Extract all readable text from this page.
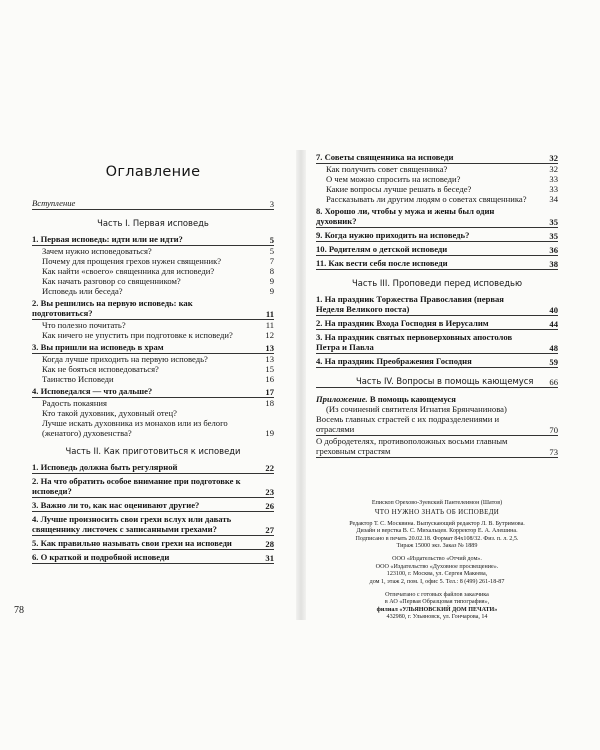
Оглавление
Вступление	3
Часть I. Первая исповедь
1. Первая исповедь: идти или не идти?	5
Зачем нужно исповедоваться?	5
Почему для прощения грехов нужен священник?	7
Как найти «своего» священника для исповеди?	8
Как начать разговор со священником?	9
Исповедь или беседа?	9
2. Вы решились на первую исповедь: как подготовиться?	11
Что полезно почитать?	11
Как ничего не упустить при подготовке к исповеди?	12
3. Вы пришли на исповедь в храм	13
Когда лучше приходить на первую исповедь?	13
Как не бояться исповедоваться?	15
Таинство Исповеди	16
4. Исповедался — что дальше?	17
Радость покаяния	18
Кто такой духовник, духовный отец?
Лучше искать духовника из монахов или из белого (женатого) духовенства?	19
Часть II. Как приготовиться к исповеди
1. Исповедь должна быть регулярной	22
2. На что обратить особое внимание при подготовке к исповеди?	23
3. Важно ли то, как нас оценивают другие?	26
4. Лучше произносить свои грехи вслух или давать священнику листочек с записанными грехами?	27
5. Как правильно называть свои грехи на исповеди	28
6. О краткой и подробной исповеди	31
78
7. Советы священника на исповеди	32
Как получить совет священника?	32
О чем можно спросить на исповеди?	33
Какие вопросы лучше решать в беседе?	33
Рассказывать ли другим людям о советах священника?	34
8. Хорошо ли, чтобы у мужа и жены был один духовник?	35
9. Когда нужно приходить на исповедь?	35
10. Родителям о детской исповеди	36
11. Как вести себя после исповеди	38
Часть III. Проповеди перед исповедью
1. На праздник Торжества Православия (первая Неделя Великого поста)	40
2. На праздник Входа Господня в Иерусалим	44
3. На праздник святых первоверховных апостолов Петра и Павла	48
4. На праздник Преображения Господня	59
Часть IV. Вопросы в помощь кающемуся 66
Приложение. В помощь кающемуся
(Из сочинений святителя Игнатия Брянчанинова)
Восемь главных страстей с их подразделениями и отраслями	70
О добродетелях, противоположных восьми главным греховным страстям	73
Епископ Орехово-Зуевский Пантелеимон (Шатов)
ЧТО НУЖНО ЗНАТЬ ОБ ИСПОВЕДИ
Редактор Т. С. Москвина. Выпускающий редактор Л. В. Бутримова.
Дизайн и верстка В. С. Михальцев. Корректор Е. А. Алешина.
Подписано в печать 20.02.18. Формат 84x108/32. Физ. п. л. 2,5.
Тираж 15000 экз. Заказ № 1889
ООО «Издательство «Отчий дом».
ООО «Издательство «Духовное просвещение».
123100, г. Москва, ул. Сергея Макеева,
дом 1, этаж 2, пом. I, офис 5. Тел.: 8 (499) 261-18-87
Отпечатано с готовых файлов заказчика
в АО «Первая Образцовая типография»,
филиал «УЛЬЯНОВСКИЙ ДОМ ПЕЧАТИ»
432980, г. Ульяновск, ул. Гончарова, 14
